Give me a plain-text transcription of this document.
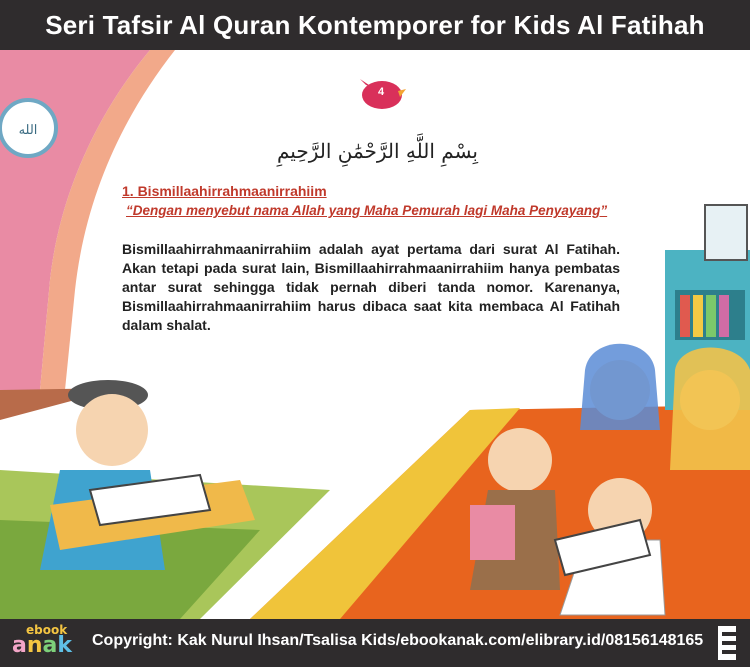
Seri Tafsir Al Quran Kontemporer for Kids Al Fatihah
الله
4
بِسْمِ اللَّهِ الرَّحْمَٰنِ الرَّحِيمِ
1. Bismillaahirrahmaanirrahiim
“Dengan menyebut nama Allah yang Maha Pemurah lagi Maha Penyayang”
Bismillaahirrahmaanirrahiim adalah ayat pertama dari surat Al Fatihah. Akan tetapi pada surat lain, Bismillaahirrahmaanirrahiim hanya pembatas antar surat sehingga tidak pernah diberi tanda nomor. Karenanya, Bismillaahirrahmaanirrahiim harus dibaca saat kita membaca Al Fatihah dalam shalat.
ebook
anak Copyright: Kak Nurul Ihsan/Tsalisa Kids/ebookanak.com/elibrary.id/08156148165
